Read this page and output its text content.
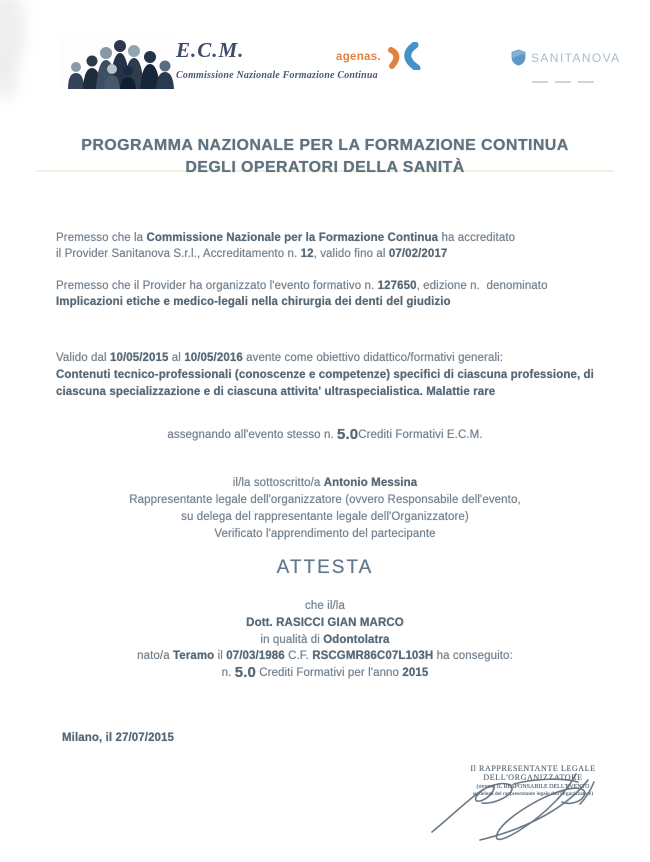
E.C.M.
Commissione Nazionale Formazione Continua
agenas.	SANITANOVA
PROGRAMMA NAZIONALE PER LA FORMAZIONE CONTINUA
DEGLI OPERATORI DELLA SANITÀ
Premesso che la Commissione Nazionale per la Formazione Continua ha accreditato
il Provider Sanitanova S.r.l., Accreditamento n. 12, valido fino al 07/02/2017
Premesso che il Provider ha organizzato l'evento formativo n. 127650, edizione n.  denominato
Implicazioni etiche e medico-legali nella chirurgia dei denti del giudizio
Valido dal 10/05/2015 al 10/05/2016 avente come obiettivo didattico/formativi generali:
Contenuti tecnico-professionali (conoscenze e competenze) specifici di ciascuna professione, di ciascuna specializzazione e di ciascuna attivita' ultraspecialistica. Malattie rare
assegnando all'evento stesso n. 5.0Crediti Formativi E.C.M.
il/la sottoscritto/a Antonio Messina
Rappresentante legale dell'organizzatore (ovvero Responsabile dell'evento,
su delega del rappresentante legale dell'Organizzatore)
Verificato l'apprendimento del partecipante
ATTESTA
che il/la
Dott. RASICCI GIAN MARCO
in qualità di Odontolatra
nato/a Teramo il 07/03/1986 C.F. RSCGMR86C07L103H ha conseguito:
n. 5.0 Crediti Formativi per l'anno 2015
Milano, il 27/07/2015
Il RAPPRESENTANTE LEGALE
DELL'ORGANIZZATORE
(ovvero IL RESPONSABILE DELL'EVENTO
su delega del rappresentante legale dell'Organizzatore)
